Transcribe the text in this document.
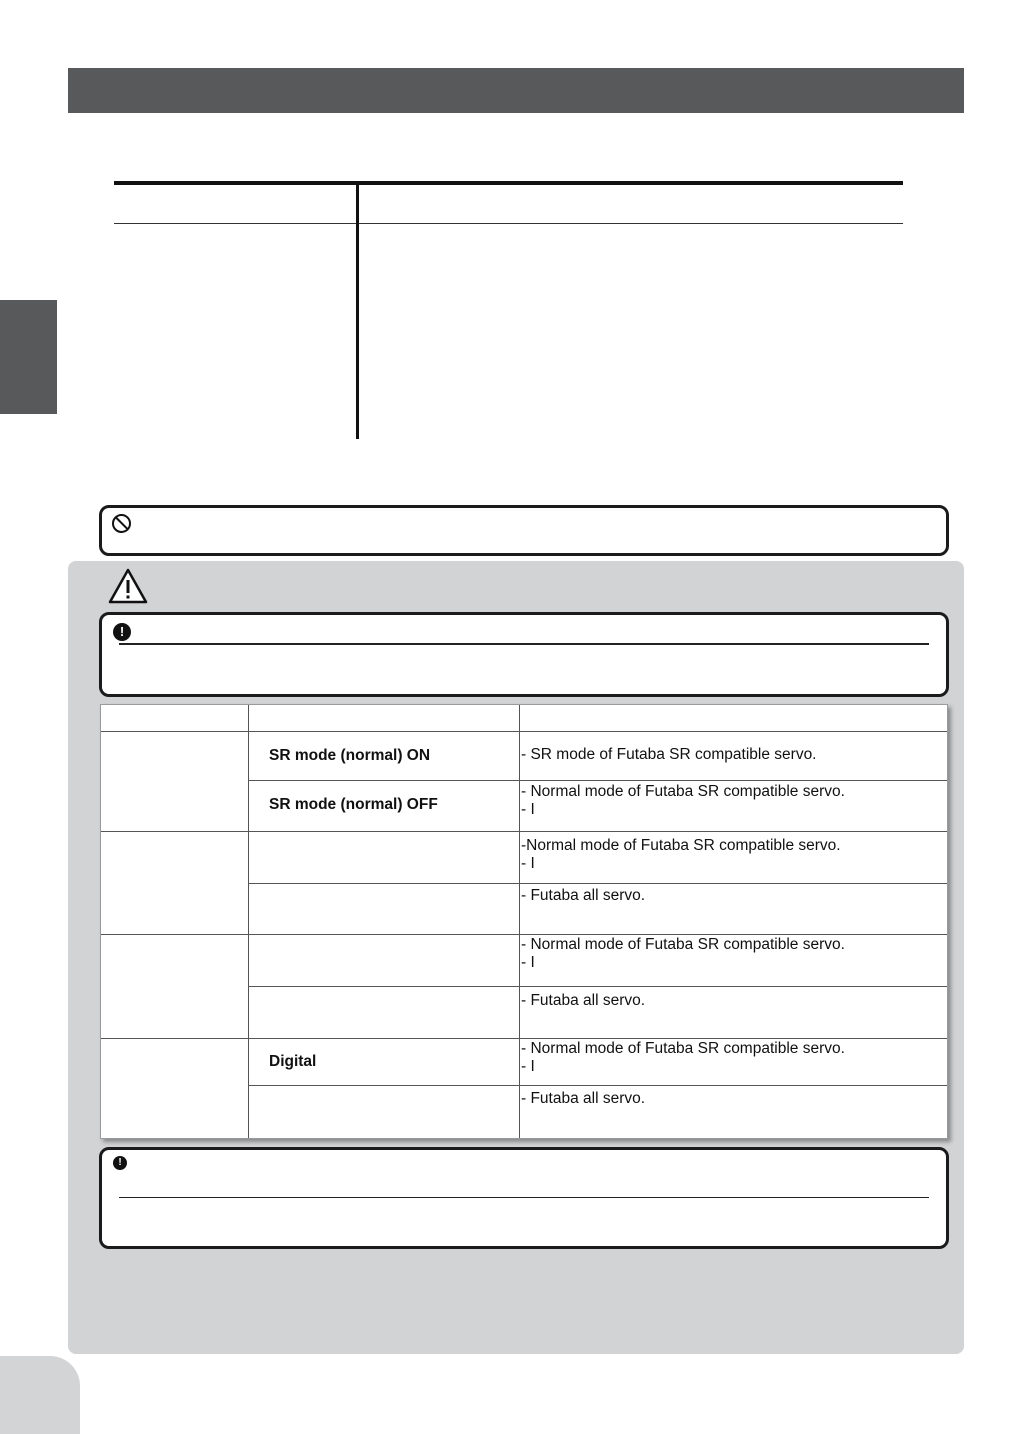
!
SR mode (normal) ON
SR mode (normal) OFF
Digital
- SR mode of Futaba SR compatible servo.
- Normal mode of Futaba SR compatible servo.
- I
-Normal mode of Futaba SR compatible servo.
- I
- Futaba all servo.
- Normal mode of Futaba SR compatible servo.
- I
- Futaba all servo.
- Normal mode of Futaba SR compatible servo.
- I
- Futaba all servo.
!
